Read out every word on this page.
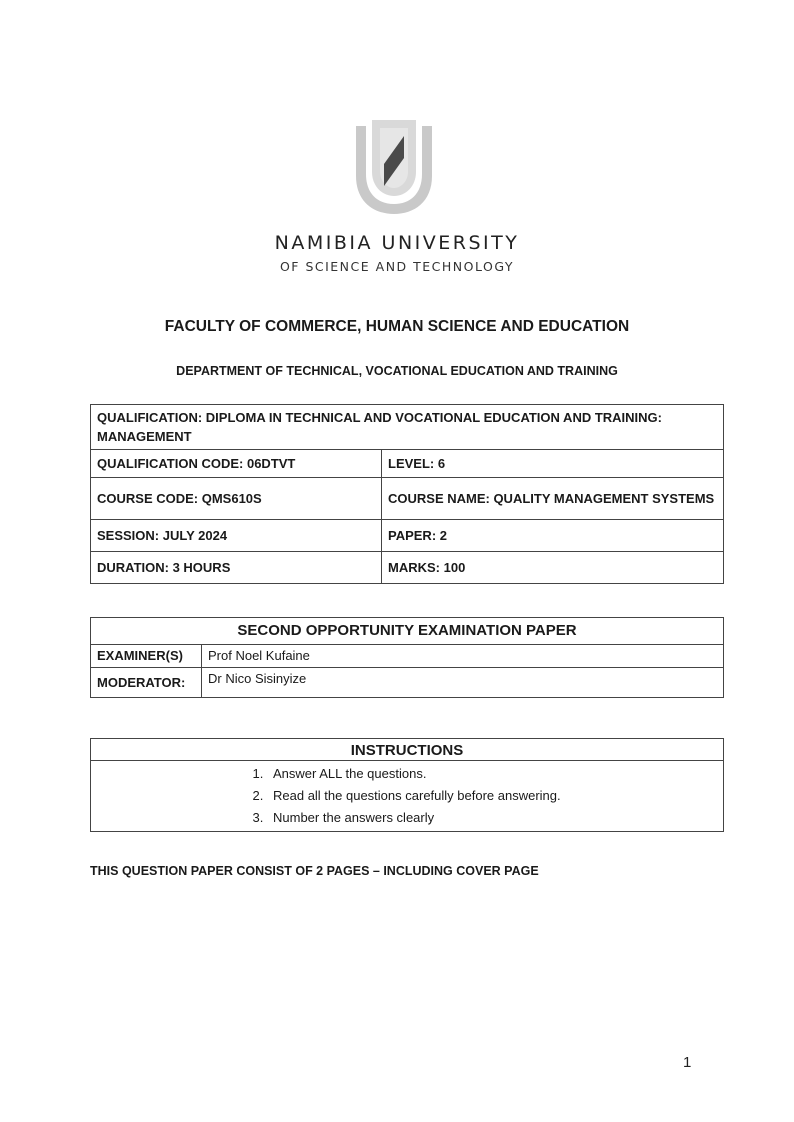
NAMIBIA UNIVERSITY
OF SCIENCE AND TECHNOLOGY
FACULTY OF COMMERCE, HUMAN SCIENCE AND EDUCATION
DEPARTMENT OF TECHNICAL, VOCATIONAL EDUCATION AND TRAINING
QUALIFICATION: DIPLOMA IN TECHNICAL AND VOCATIONAL EDUCATION AND TRAINING: MANAGEMENT	
QUALIFICATION CODE: 06DTVT	LEVEL: 6
COURSE CODE: QMS610S	COURSE NAME: QUALITY MANAGEMENT SYSTEMS
SESSION: JULY 2024	PAPER: 2
DURATION: 3 HOURS	MARKS: 100
SECOND OPPORTUNITY EXAMINATION PAPER	
EXAMINER(S)	Prof Noel Kufaine
MODERATOR:	Dr Nico Sisinyize
INSTRUCTIONS
1. Answer ALL the questions.
2. Read all the questions carefully before answering.
3. Number the answers clearly
THIS QUESTION PAPER CONSIST OF 2 PAGES – INCLUDING COVER PAGE
1
